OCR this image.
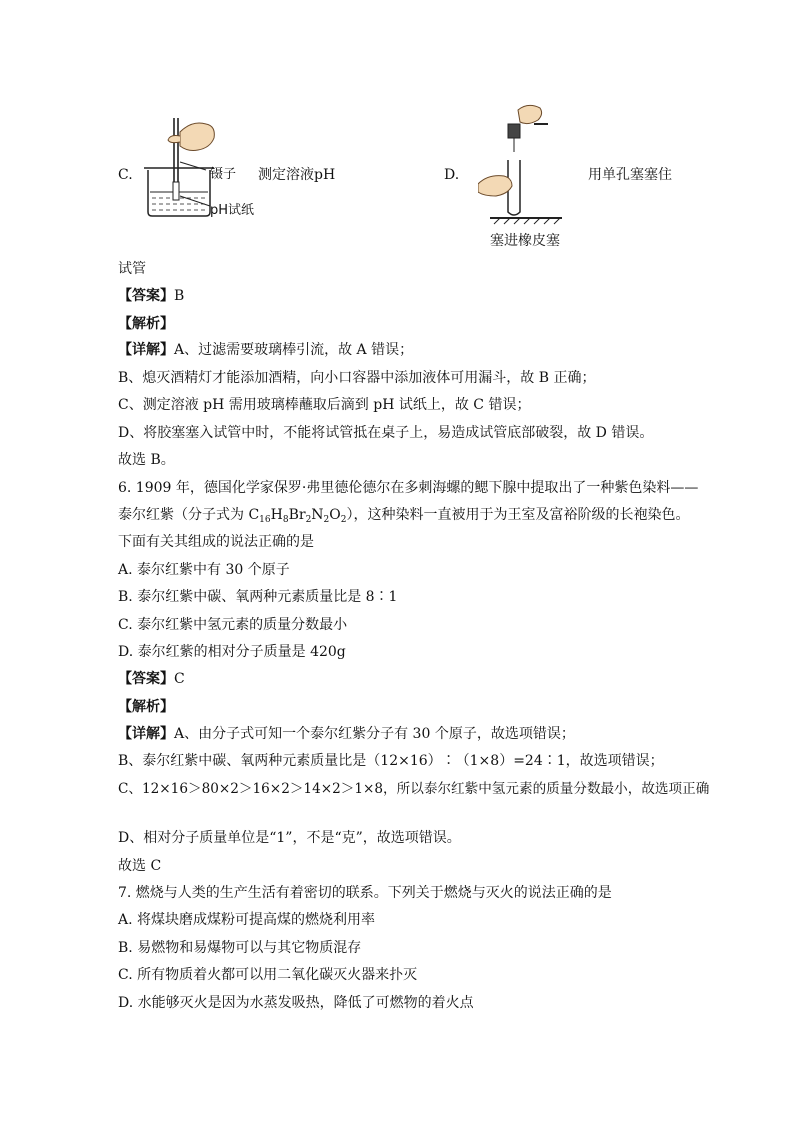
C.	镊子
pH试纸
测定溶液pH	D.
塞进橡皮塞
用单孔塞塞住
试管
【答案】B
【解析】
【详解】A、过滤需要玻璃棒引流，故 A 错误；
B、熄灭酒精灯才能添加酒精，向小口容器中添加液体可用漏斗，故 B 正确；
C、测定溶液 pH 需用玻璃棒蘸取后滴到 pH 试纸上，故 C 错误；
D、将胶塞塞入试管中时，不能将试管抵在桌子上，易造成试管底部破裂，故 D 错误。
故选 B。
6. 1909 年，德国化学家保罗·弗里德伦德尔在多刺海螺的鳃下腺中提取出了一种紫色染料——
泰尔红紫（分子式为 $C_{16}H_8Br_2N_2O_2$），这种染料一直被用于为王室及富裕阶级的长袍染色。
下面有关其组成的说法正确的是
A. 泰尔红紫中有 30 个原子
B. 泰尔红紫中碳、氧两种元素质量比是 8∶1
C. 泰尔红紫中氢元素的质量分数最小
D. 泰尔红紫的相对分子质量是 420g
【答案】C
【解析】
【详解】A、由分子式可知一个泰尔红紫分子有 30 个原子，故选项错误；
B、泰尔红紫中碳、氧两种元素质量比是（12×16）∶（1×8）=24∶1，故选项错误；
C、12×16＞80×2＞16×2＞14×2＞1×8，所以泰尔红紫中氢元素的质量分数最小，故选项正确
D、相对分子质量单位是“1”，不是“克”，故选项错误。
故选 C
7. 燃烧与人类的生产生活有着密切的联系。下列关于燃烧与灭火的说法正确的是
A. 将煤块磨成煤粉可提高煤的燃烧利用率
B. 易燃物和易爆物可以与其它物质混存
C. 所有物质着火都可以用二氧化碳灭火器来扑灭
D. 水能够灭火是因为水蒸发吸热，降低了可燃物的着火点
